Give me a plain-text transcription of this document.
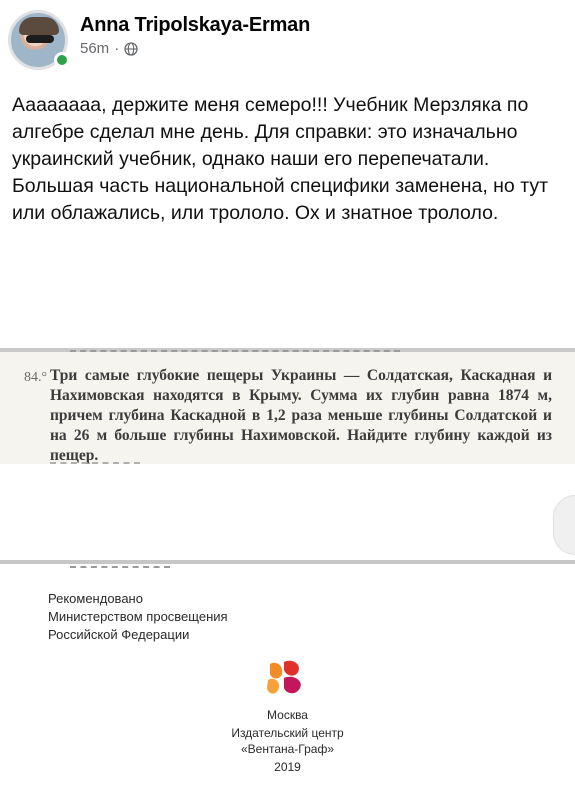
Anna Tripolskaya-Erman
56m ·
Аааааааа, держите меня семеро!!! Учебник Мерзляка по алгебре сделал мне день. Для справки: это изначально украинский учебник, однако наши его перепечатали. Большая часть национальной специфики заменена, но тут или облажались, или трололо. Ох и знатное трололо.
84.° Три самые глубокие пещеры Украины — Солдатская, Каскадная и Нахимовская находятся в Крыму. Сумма их глубин равна 1874 м, причем глубина Каскадной в 1,2 раза меньше глубины Солдатской и на 26 м больше глубины Нахимовской. Найдите глубину каждой из пещер.
Рекомендовано
Министерством просвещения
Российской Федерации
Москва
Издательский центр
«Вентана-Граф»
2019
